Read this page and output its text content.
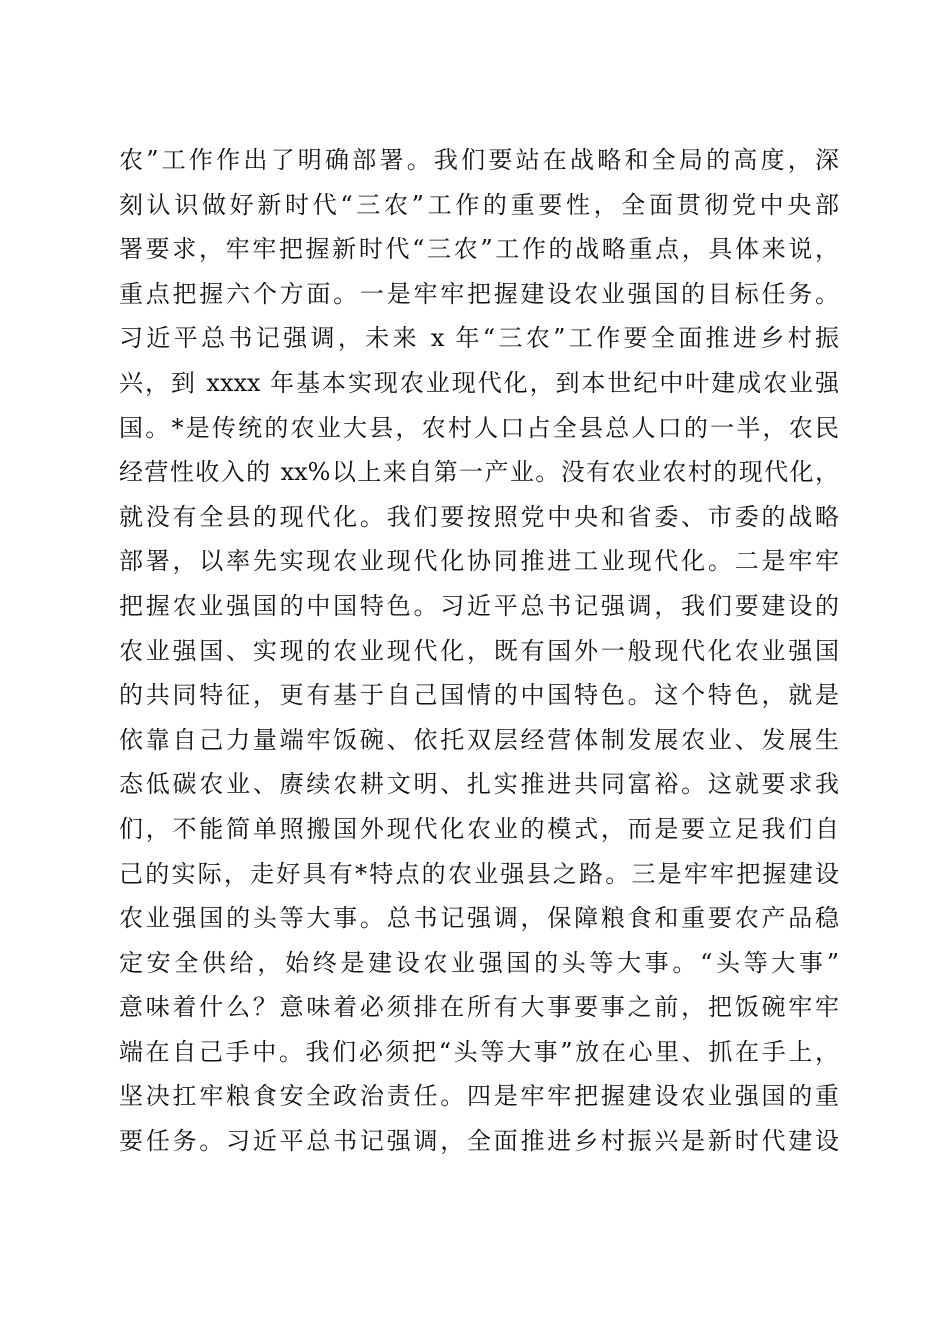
农”工作作出了明确部署。我们要站在战略和全局的高度，深
刻认识做好新时代“三农”工作的重要性，全面贯彻党中央部
署要求，牢牢把握新时代“三农”工作的战略重点，具体来说，
重点把握六个方面。一是牢牢把握建设农业强国的目标任务。
习近平总书记强调，未来 x 年“三农”工作要全面推进乡村振
兴，到 xxxx 年基本实现农业现代化，到本世纪中叶建成农业强
国。*是传统的农业大县，农村人口占全县总人口的一半，农民
经营性收入的 xx%以上来自第一产业。没有农业农村的现代化，
就没有全县的现代化。我们要按照党中央和省委、市委的战略
部署，以率先实现农业现代化协同推进工业现代化。二是牢牢
把握农业强国的中国特色。习近平总书记强调，我们要建设的
农业强国、实现的农业现代化，既有国外一般现代化农业强国
的共同特征，更有基于自己国情的中国特色。这个特色，就是
依靠自己力量端牢饭碗、依托双层经营体制发展农业、发展生
态低碳农业、赓续农耕文明、扎实推进共同富裕。这就要求我
们，不能简单照搬国外现代化农业的模式，而是要立足我们自
己的实际，走好具有*特点的农业强县之路。三是牢牢把握建设
农业强国的头等大事。总书记强调，保障粮食和重要农产品稳
定安全供给，始终是建设农业强国的头等大事。“头等大事”
意味着什么？意味着必须排在所有大事要事之前，把饭碗牢牢
端在自己手中。我们必须把“头等大事”放在心里、抓在手上，
坚决扛牢粮食安全政治责任。四是牢牢把握建设农业强国的重
要任务。习近平总书记强调，全面推进乡村振兴是新时代建设
